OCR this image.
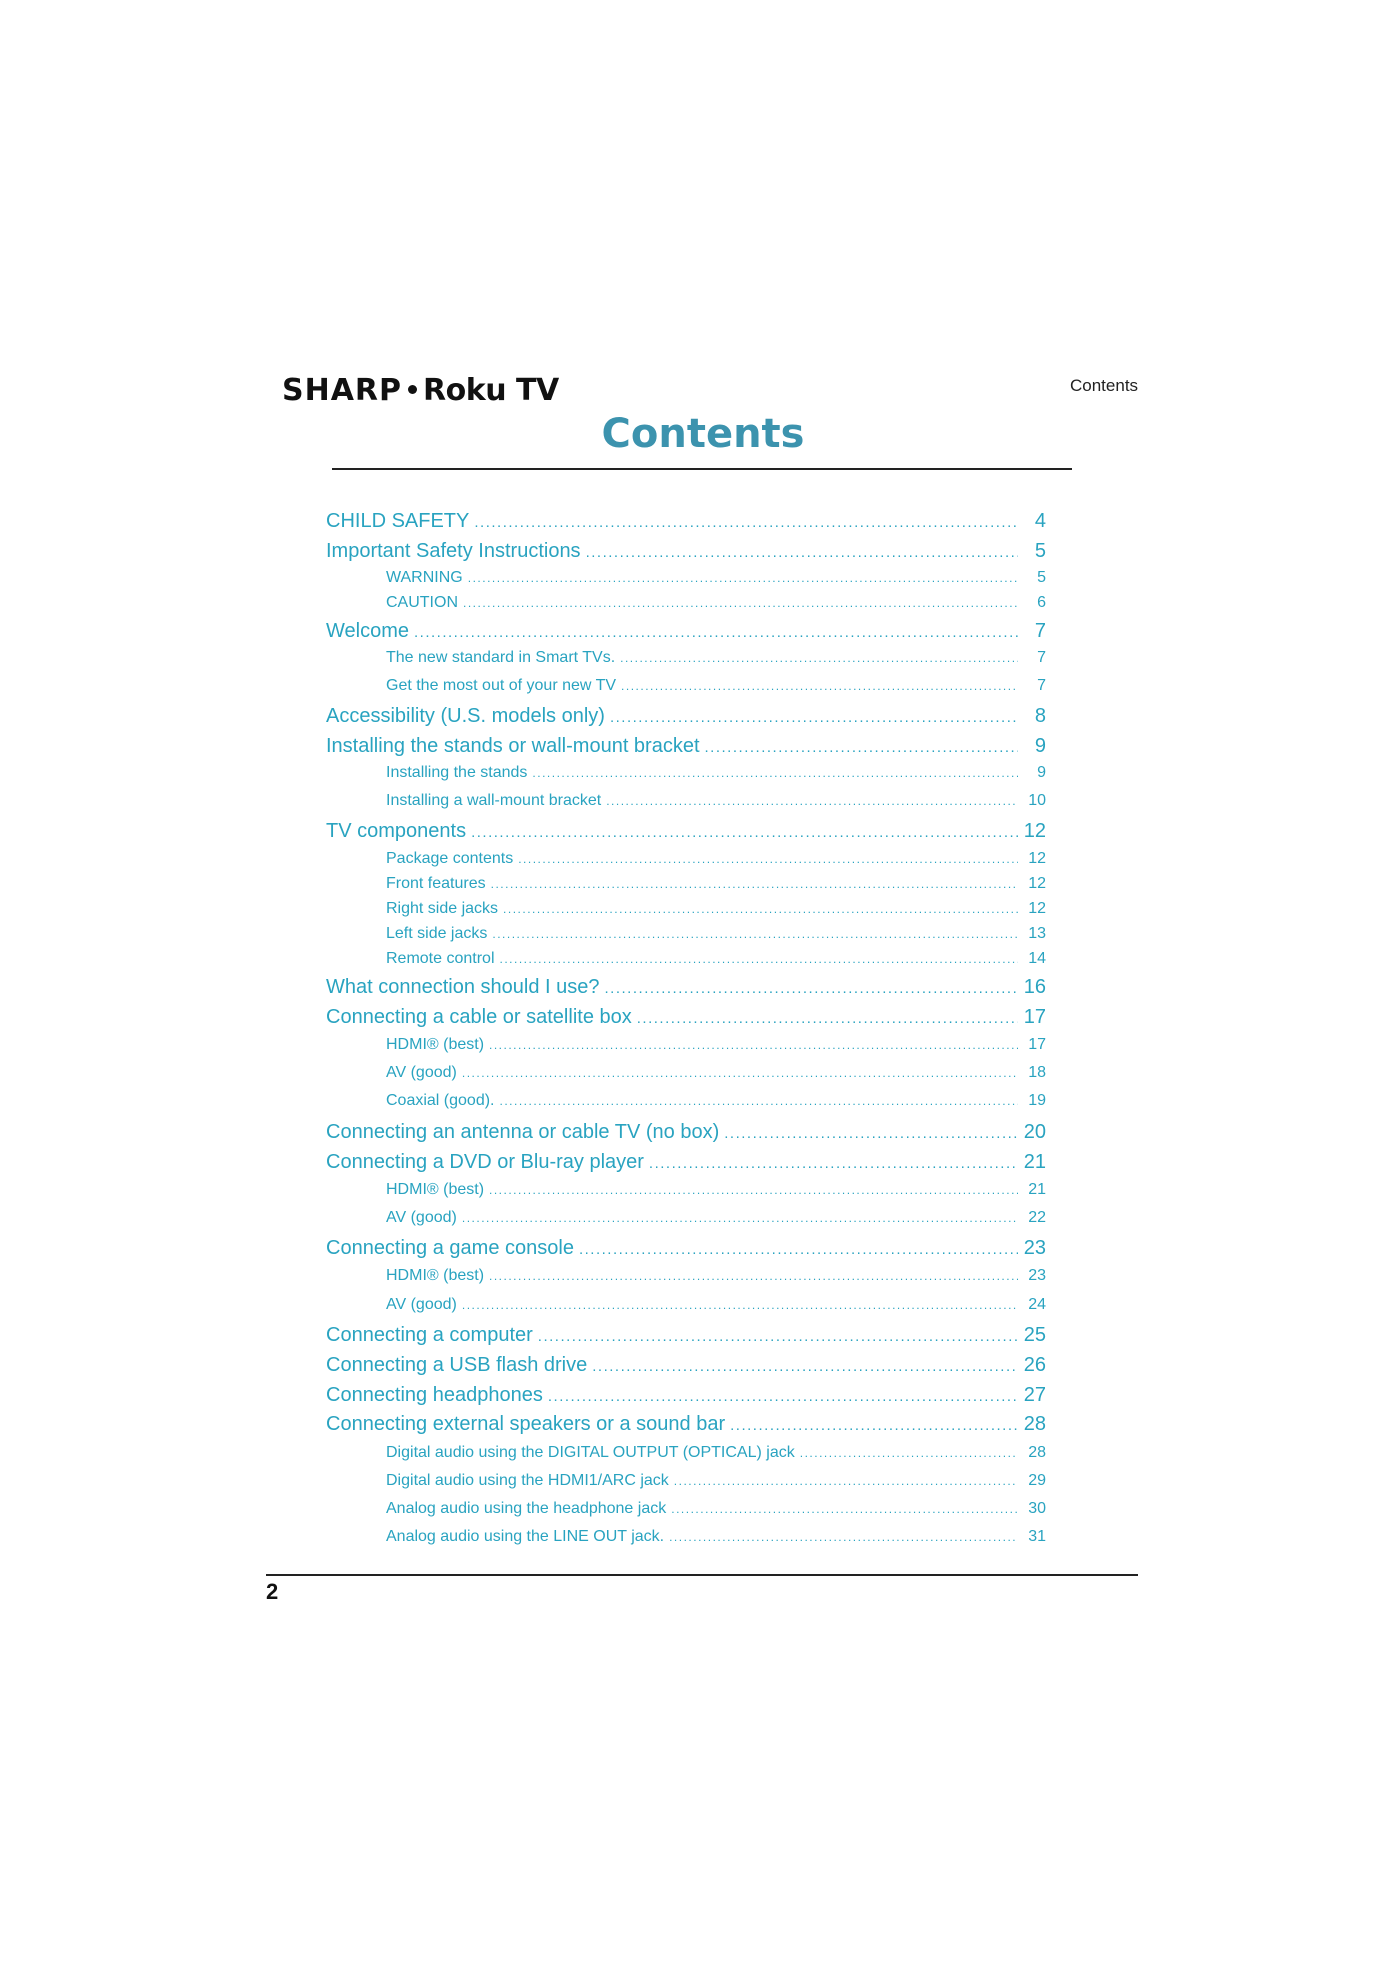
SHARP Roku TV	Contents
Contents
CHILD SAFETY .....	4
Important Safety Instructions .....	5
WARNING .....	5
CAUTION .....	6
Welcome .....	7
The new standard in Smart TVs. .....	7
Get the most out of your new TV .....	7
Accessibility (U.S. models only) .....	8
Installing the stands or wall-mount bracket .....	9
Installing the stands .....	9
Installing a wall-mount bracket .....	10
TV components .....	12
Package contents .....	12
Front features .....	12
Right side jacks .....	12
Left side jacks .....	13
Remote control .....	14
What connection should I use? .....	16
Connecting a cable or satellite box .....	17
HDMI® (best) .....	17
AV (good) .....	18
Coaxial (good). .....	19
Connecting an antenna or cable TV (no box) .....	20
Connecting a DVD or Blu-ray player .....	21
HDMI® (best) .....	21
AV (good) .....	22
Connecting a game console .....	23
HDMI® (best) .....	23
AV (good) .....	24
Connecting a computer .....	25
Connecting a USB flash drive .....	26
Connecting headphones .....	27
Connecting external speakers or a sound bar .....	28
Digital audio using the DIGITAL OUTPUT (OPTICAL) jack .....	28
Digital audio using the HDMI1/ARC jack .....	29
Analog audio using the headphone jack .....	30
Analog audio using the LINE OUT jack. .....	31
2
